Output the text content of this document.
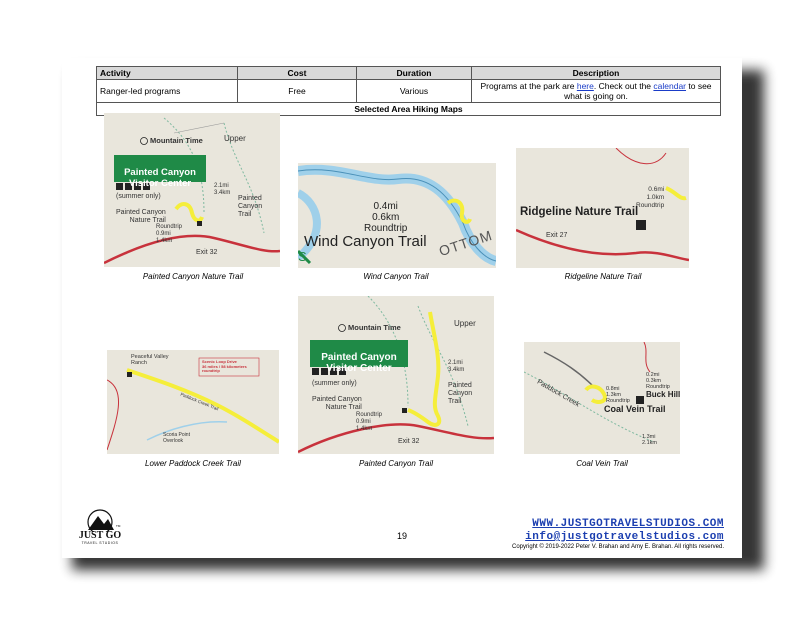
Activity	Cost	Duration	Description
Ranger-led programs	Free	Various	Programs at the park are here. Check out the calendar to see what is going on.
Selected Area Hiking Maps			
Mountain Time

Painted Canyon
Visitor Center

(summer only)
Painted Canyon
Nature Trail
Roundtrip
0.9mi
1.4km
Exit 32
Upper
Painted
Canyon
Trail
2.1mi
3.4km
Painted Canyon Nature Trail
0.4mi
0.6km
Roundtrip
Wind Canyon Trail OTTOM
S
Wind Canyon Trail
0.6mi
1.0km
Roundtrip
Ridgeline Nature Trail
Exit 27
Ridgeline Nature Trail
Peaceful Valley
Ranch	Scenic Loop Drive
36 miles / 58 kilometers
roundtrip
Scoria Point
Overlook
Paddock Creek Trail
Lower Paddock Creek Trail
Mountain Time

Painted Canyon
Visitor Center

(summer only)
Painted Canyon
Nature Trail
Roundtrip
0.9mi
1.4km
Exit 32
Upper
Painted
Canyon
Trail
2.1mi
3.4km
Painted Canyon Trail
0.8mi
1.3km
Roundtrip
0.2mi
0.3km
Roundtrip
Buck Hill
Coal Vein Trail
Paddock Creek
1.3mi
2.1km
Coal Vein Trail
JUST GO
TRAVEL STUDIOS
TM
19
WWW.JUSTGOTRAVELSTUDIOS.COM
info@justgotravelstudios.com
Copyright © 2019-2022 Peter V. Brahan and Amy E. Brahan. All rights reserved.
